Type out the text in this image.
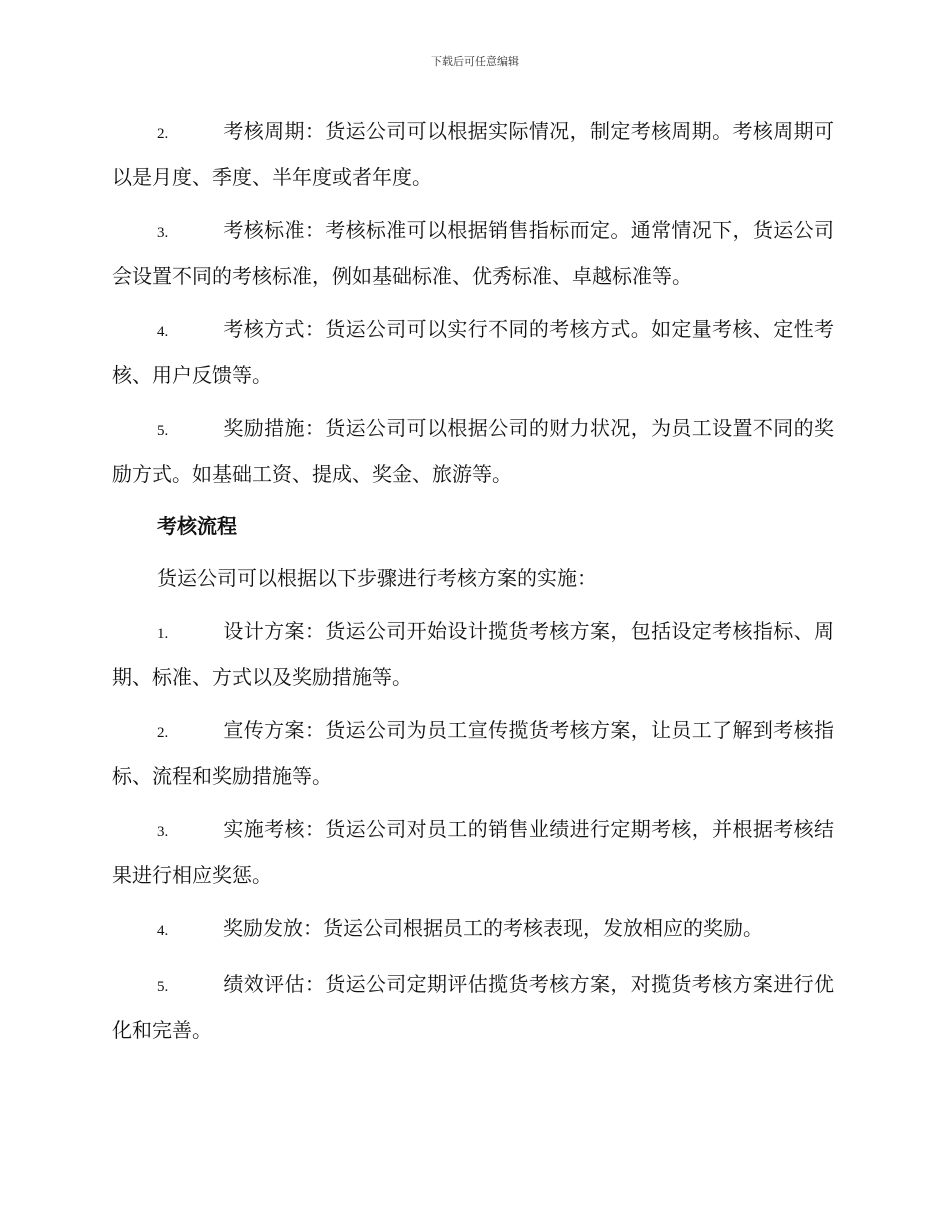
下载后可任意编辑
2.	考核周期：货运公司可以根据实际情况，制定考核周期。考核周期可以是月度、季度、半年度或者年度。
3.	考核标准：考核标准可以根据销售指标而定。通常情况下，货运公司会设置不同的考核标准，例如基础标准、优秀标准、卓越标准等。
4.	考核方式：货运公司可以实行不同的考核方式。如定量考核、定性考核、用户反馈等。
5.	奖励措施：货运公司可以根据公司的财力状况，为员工设置不同的奖励方式。如基础工资、提成、奖金、旅游等。
考核流程
货运公司可以根据以下步骤进行考核方案的实施：
1.	设计方案：货运公司开始设计揽货考核方案，包括设定考核指标、周期、标准、方式以及奖励措施等。
2.	宣传方案：货运公司为员工宣传揽货考核方案，让员工了解到考核指标、流程和奖励措施等。
3.	实施考核：货运公司对员工的销售业绩进行定期考核，并根据考核结果进行相应奖惩。
4.	奖励发放：货运公司根据员工的考核表现，发放相应的奖励。
5.	绩效评估：货运公司定期评估揽货考核方案，对揽货考核方案进行优化和完善。
